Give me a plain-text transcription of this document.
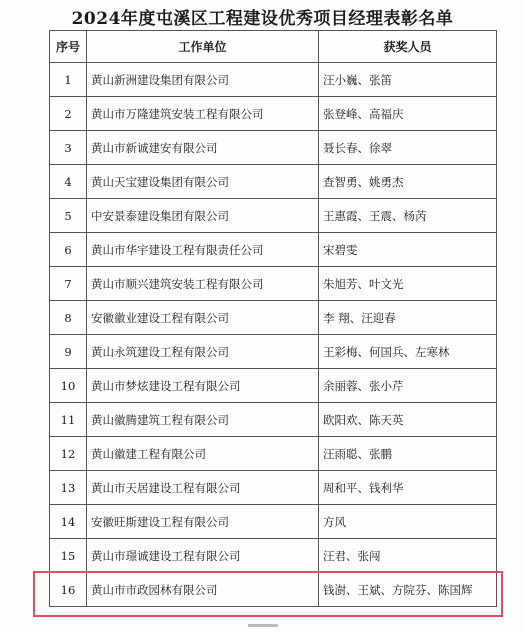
2024年度屯溪区工程建设优秀项目经理表彰名单
序号	工作单位	获奖人员
1	黄山新洲建设集团有限公司	汪小巍、张笛
2	黄山市万隆建筑安装工程有限公司	张登峰、高福庆
3	黄山市新诚建安有限公司	聂长春、徐翠
4	黄山天宝建设集团有限公司	查智勇、姚勇杰
5	中安景泰建设集团有限公司	王惠霞、王震、杨芮
6	黄山市华宇建设工程有限责任公司	宋碧雯
7	黄山市顺兴建筑安装工程有限公司	朱旭芳、叶文光
8	安徽徽业建设工程有限公司	李 翔、汪迎春
9	黄山永筑建设工程有限公司	王彩梅、何国兵、左寒林
10	黄山市梦炫建设工程有限公司	余丽蓉、张小芹
11	黄山徽腾建筑工程有限公司	欧阳欢、陈天英
12	黄山徽建工程有限公司	汪雨聪、张鹏
13	黄山市天居建设工程有限公司	周和平、钱利华
14	安徽旺斯建设工程有限公司	方风
15	黄山市璟诚建设工程有限公司	汪君、张闯
16	黄山市市政园林有限公司	钱澍、王斌、方院芬、陈国辉
